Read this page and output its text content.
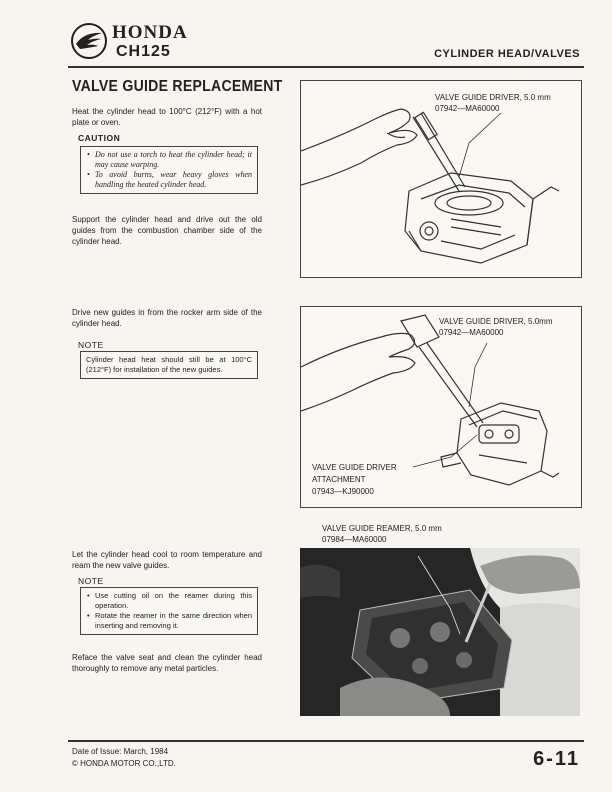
HONDA
CH125	CYLINDER HEAD/VALVES
VALVE GUIDE REPLACEMENT
Heat the cylinder head to 100°C (212°F) with a hot plate or oven.
CAUTION
• Do not use a torch to heat the cylinder head; it may cause warping.
• To avoid burns, wear heavy gloves when handling the heated cylinder head.
Support the cylinder head and drive out the old guides from the combustion chamber side of the cylinder head.
Drive new guides in from the rocker arm side of the cylinder head.
NOTE
Cylinder head heat should still be at 100°C (212°F) for installation of the new guides.
Let the cylinder head cool to room temperature and ream the new valve guides.
NOTE
• Use cutting oil on the reamer during this operation.
• Rotate the reamer in the same direction when inserting and removing it.
Reface the valve seat and clean the cylinder head thoroughly to remove any metal particles.
VALVE GUIDE DRIVER, 5.0 mm
07942—MA60000
VALVE GUIDE DRIVER, 5.0mm
07942—MA60000
VALVE GUIDE DRIVER
ATTACHMENT
07943—KJ90000
VALVE GUIDE REAMER, 5.0 mm
07984—MA60000
Date of Issue: March, 1984
© HONDA MOTOR CO.,LTD.	6-11
